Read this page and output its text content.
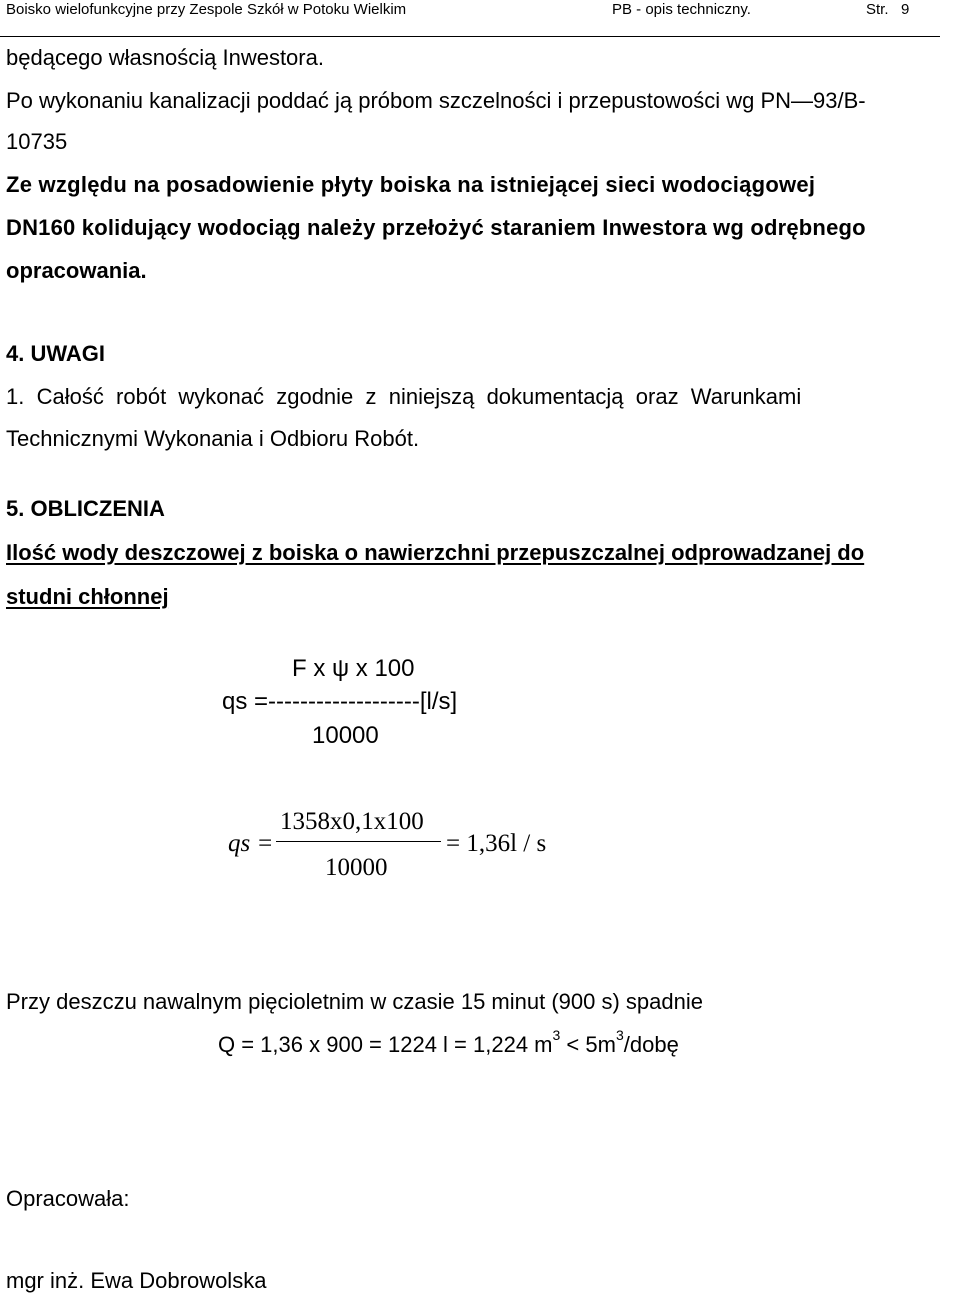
Boisko wielofunkcyjne przy Zespole Szkół w Potoku Wielkim	PB - opis techniczny.	Str. 9
będącego własnością Inwestora.
Po wykonaniu kanalizacji poddać ją próbom szczelności i przepustowości wg PN—93/B-
10735
Ze względu na posadowienie płyty boiska na istniejącej sieci wodociągowej
DN160 kolidujący wodociąg należy przełożyć staraniem Inwestora wg odrębnego
opracowania.
4. UWAGI
1.  Całość  robót  wykonać  zgodnie  z  niniejszą  dokumentacją  oraz  Warunkami
Technicznymi Wykonania i Odbioru Robót.
5. OBLICZENIA
Ilość wody deszczowej z boiska o nawierzchni przepuszczalnej odprowadzanej do
studni chłonnej
F x ψ x 100
qs =-------------------[l/s]
10000
qs =
1358x0,1x100
= 1,36l / s
10000
Przy deszczu nawalnym pięcioletnim w czasie 15 minut (900 s) spadnie
Q = 1,36 x 900 = 1224 l = 1,224 $m^3$ < $5m^3$/dobę
Opracowała:
mgr inż. Ewa Dobrowolska
